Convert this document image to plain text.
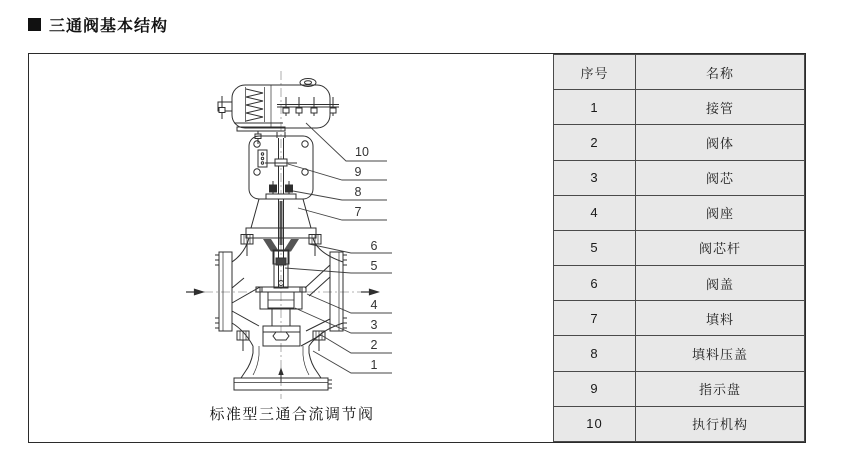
三通阀基本结构
1
2
3
4
5
6
7
8
9
10
标准型三通合流调节阀
序号	名称
1	接管
2	阀体
3	阀芯
4	阀座
5	阀芯杆
6	阀盖
7	填料
8	填料压盖
9	指示盘
10	执行机构
